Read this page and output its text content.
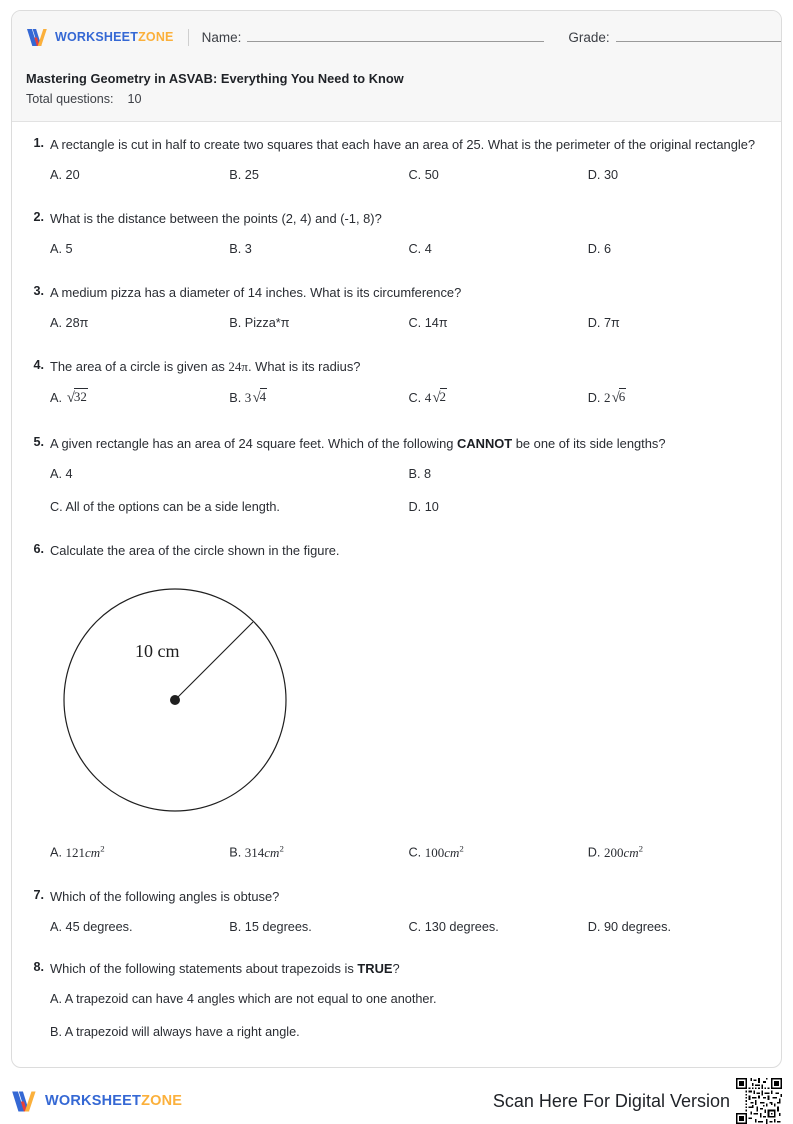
WORKSHEETZONE Name:	Grade:
Mastering Geometry in ASVAB: Everything You Need to Know
Total questions: 10
1. A rectangle is cut in half to create two squares that each have an area of 25. What is the perimeter of the original rectangle?
A. 20	B. 25	C. 50	D. 30
2. What is the distance between the points (2, 4) and (-1, 8)?
A. 5	B. 3	C. 4	D. 6
3. A medium pizza has a diameter of 14 inches. What is its circumference?
A. 28π	B. Pizza*π	C. 14π	D. 7π
4. The area of a circle is given as 24π. What is its radius?
A. √32	B. 3√4	C. 4√2	D. 2√6
5. A given rectangle has an area of 24 square feet. Which of the following CANNOT be one of its side lengths?
A. 4	B. 8
C. All of the options can be a side length.	D. 10
6. Calculate the area of the circle shown in the figure.
10 cm
A. $121cm^2$	B. $314cm^2$	C. $100cm^2$	D. $200cm^2$
7. Which of the following angles is obtuse?
A. 45 degrees.	B. 15 degrees.	C. 130 degrees.	D. 90 degrees.
8. Which of the following statements about trapezoids is TRUE?
A. A trapezoid can have 4 angles which are not equal to one another.
B. A trapezoid will always have a right angle.
WORKSHEETZONE	Scan Here For Digital Version
